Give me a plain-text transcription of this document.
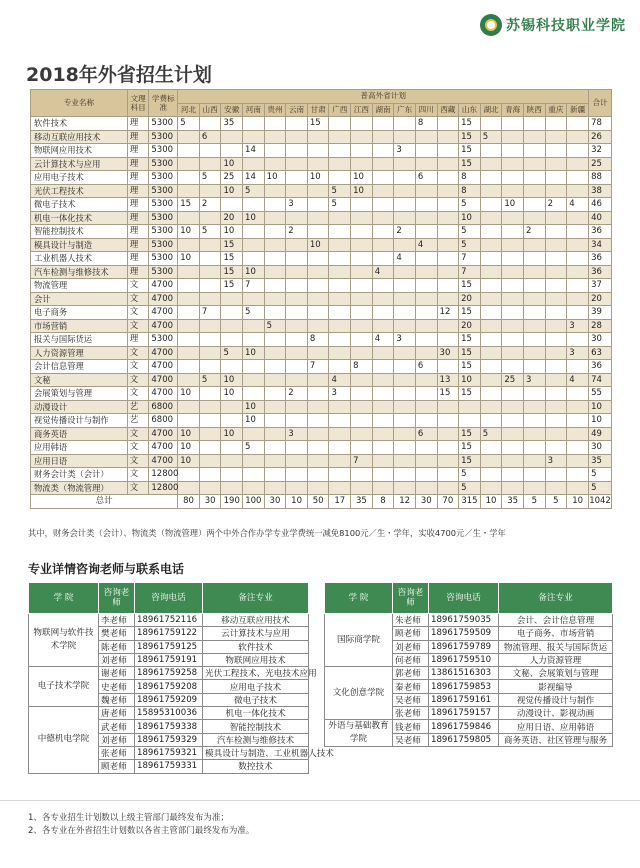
苏锡科技职业学院
2018年外省招生计划
专业名称	文理科目	学费标准	普高外省计划																			合计
			河北	山西	安徽	河南	贵州	云南	甘肃	广西	江西	湖南	广东	四川	西藏	山东	湖北	青海	陕西	重庆	新疆	
软件技术	理	5300	5		35				15					8		15						78
移动互联应用技术	理	5300		6												15	5					26
物联网应用技术	理	5300				14							3			15						32
云计算技术与应用	理	5300			10											15						25
应用电子技术	理	5300		5	25	14	10		10		10			6		8						88
光伏工程技术	理	5300			10	5				5	10					8						38
微电子技术	理	5300	15	2				3		5						5		10		2	4	46
机电一体化技术	理	5300			20	10										10						40
智能控制技术	理	5300	10	5	10			2					2			5			2			36
模具设计与制造	理	5300			15				10					4		5						34
工业机器人技术	理	5300	10		15								4			7						36
汽车检测与维修技术	理	5300			15	10						4				7						36
物流管理	文	4700			15	7										15						37
会计	文	4700														20						20
电子商务	文	4700		7		5									12	15						39
市场营销	文	4700					5									20					3	28
报关与国际货运	理	5300							8			4	3			15						30
人力资源管理	文	4700			5	10									30	15					3	63
会计信息管理	文	4700							7		8			6		15						36
文秘	文	4700		5	10					4					13	10		25	3		4	74
会展策划与管理	文	4700	10		10			2		3					15	15						55
动漫设计	艺	6800				10																10
视觉传播设计与制作	艺	6800				10																10
商务英语	文	4700	10		10			3						6		15	5					49
应用韩语	文	4700	10			5										15						30
应用日语	文	4700	10								7					15				3		35
财务会计类（会计）	文	12800														5						5
物流类（物流管理）	文	12800														5						5
总计			80	30	190	100	30	10	50	17	35	8	12	30	70	315	10	35	5	5	10	1042
其中，财务会计类（会计）、物流类（物流管理）两个中外合作办学专业学费统一减免8100元／生・学年，实收4700元／生・学年
专业详情咨询老师与联系电话
学 院	咨询老师	咨询电话	备注专业
物联网与软件技术学院	李老师	18961752116	移动互联应用技术
	樊老师	18961759122	云计算技术与应用
	陈老师	18961759125	软件技术
	刘老师	18961759191	物联网应用技术
电子技术学院	谢老师	18961759258	光伏工程技术、光电技术应用
	史老师	18961759208	应用电子技术
	魏老师	18961759209	微电子技术
中德机电学院	唐老师	15895310036	机电一体化技术
	武老师	18961759338	智能控制技术
	刘老师	18961759329	汽车检测与维修技术
	张老师	18961759321	模具设计与制造、工业机器人技术
	顾老师	18961759331	数控技术
学 院	咨询老师	咨询电话	备注专业
国际商学院	朱老师	18961759035	会计、会计信息管理
	顾老师	18961759509	电子商务、市场营销
	刘老师	18961759789	物流管理、报关与国际货运
	何老师	18961759510	人力资源管理
文化创意学院	郭老师	13861516303	文秘、会展策划与管理
	秦老师	18961759853	影视编导
	吴老师	18961759161	视觉传播设计与制作
	张老师	18961759157	动漫设计、影视动画
外语与基础教育学院	钱老师	18961759846	应用日语、应用韩语
	吴老师	18961759805	商务英语、社区管理与服务
1、各专业招生计划数以上级主管部门最终发布为准；
2、各专业在外省招生计划数以各省主管部门最终发布为准。
